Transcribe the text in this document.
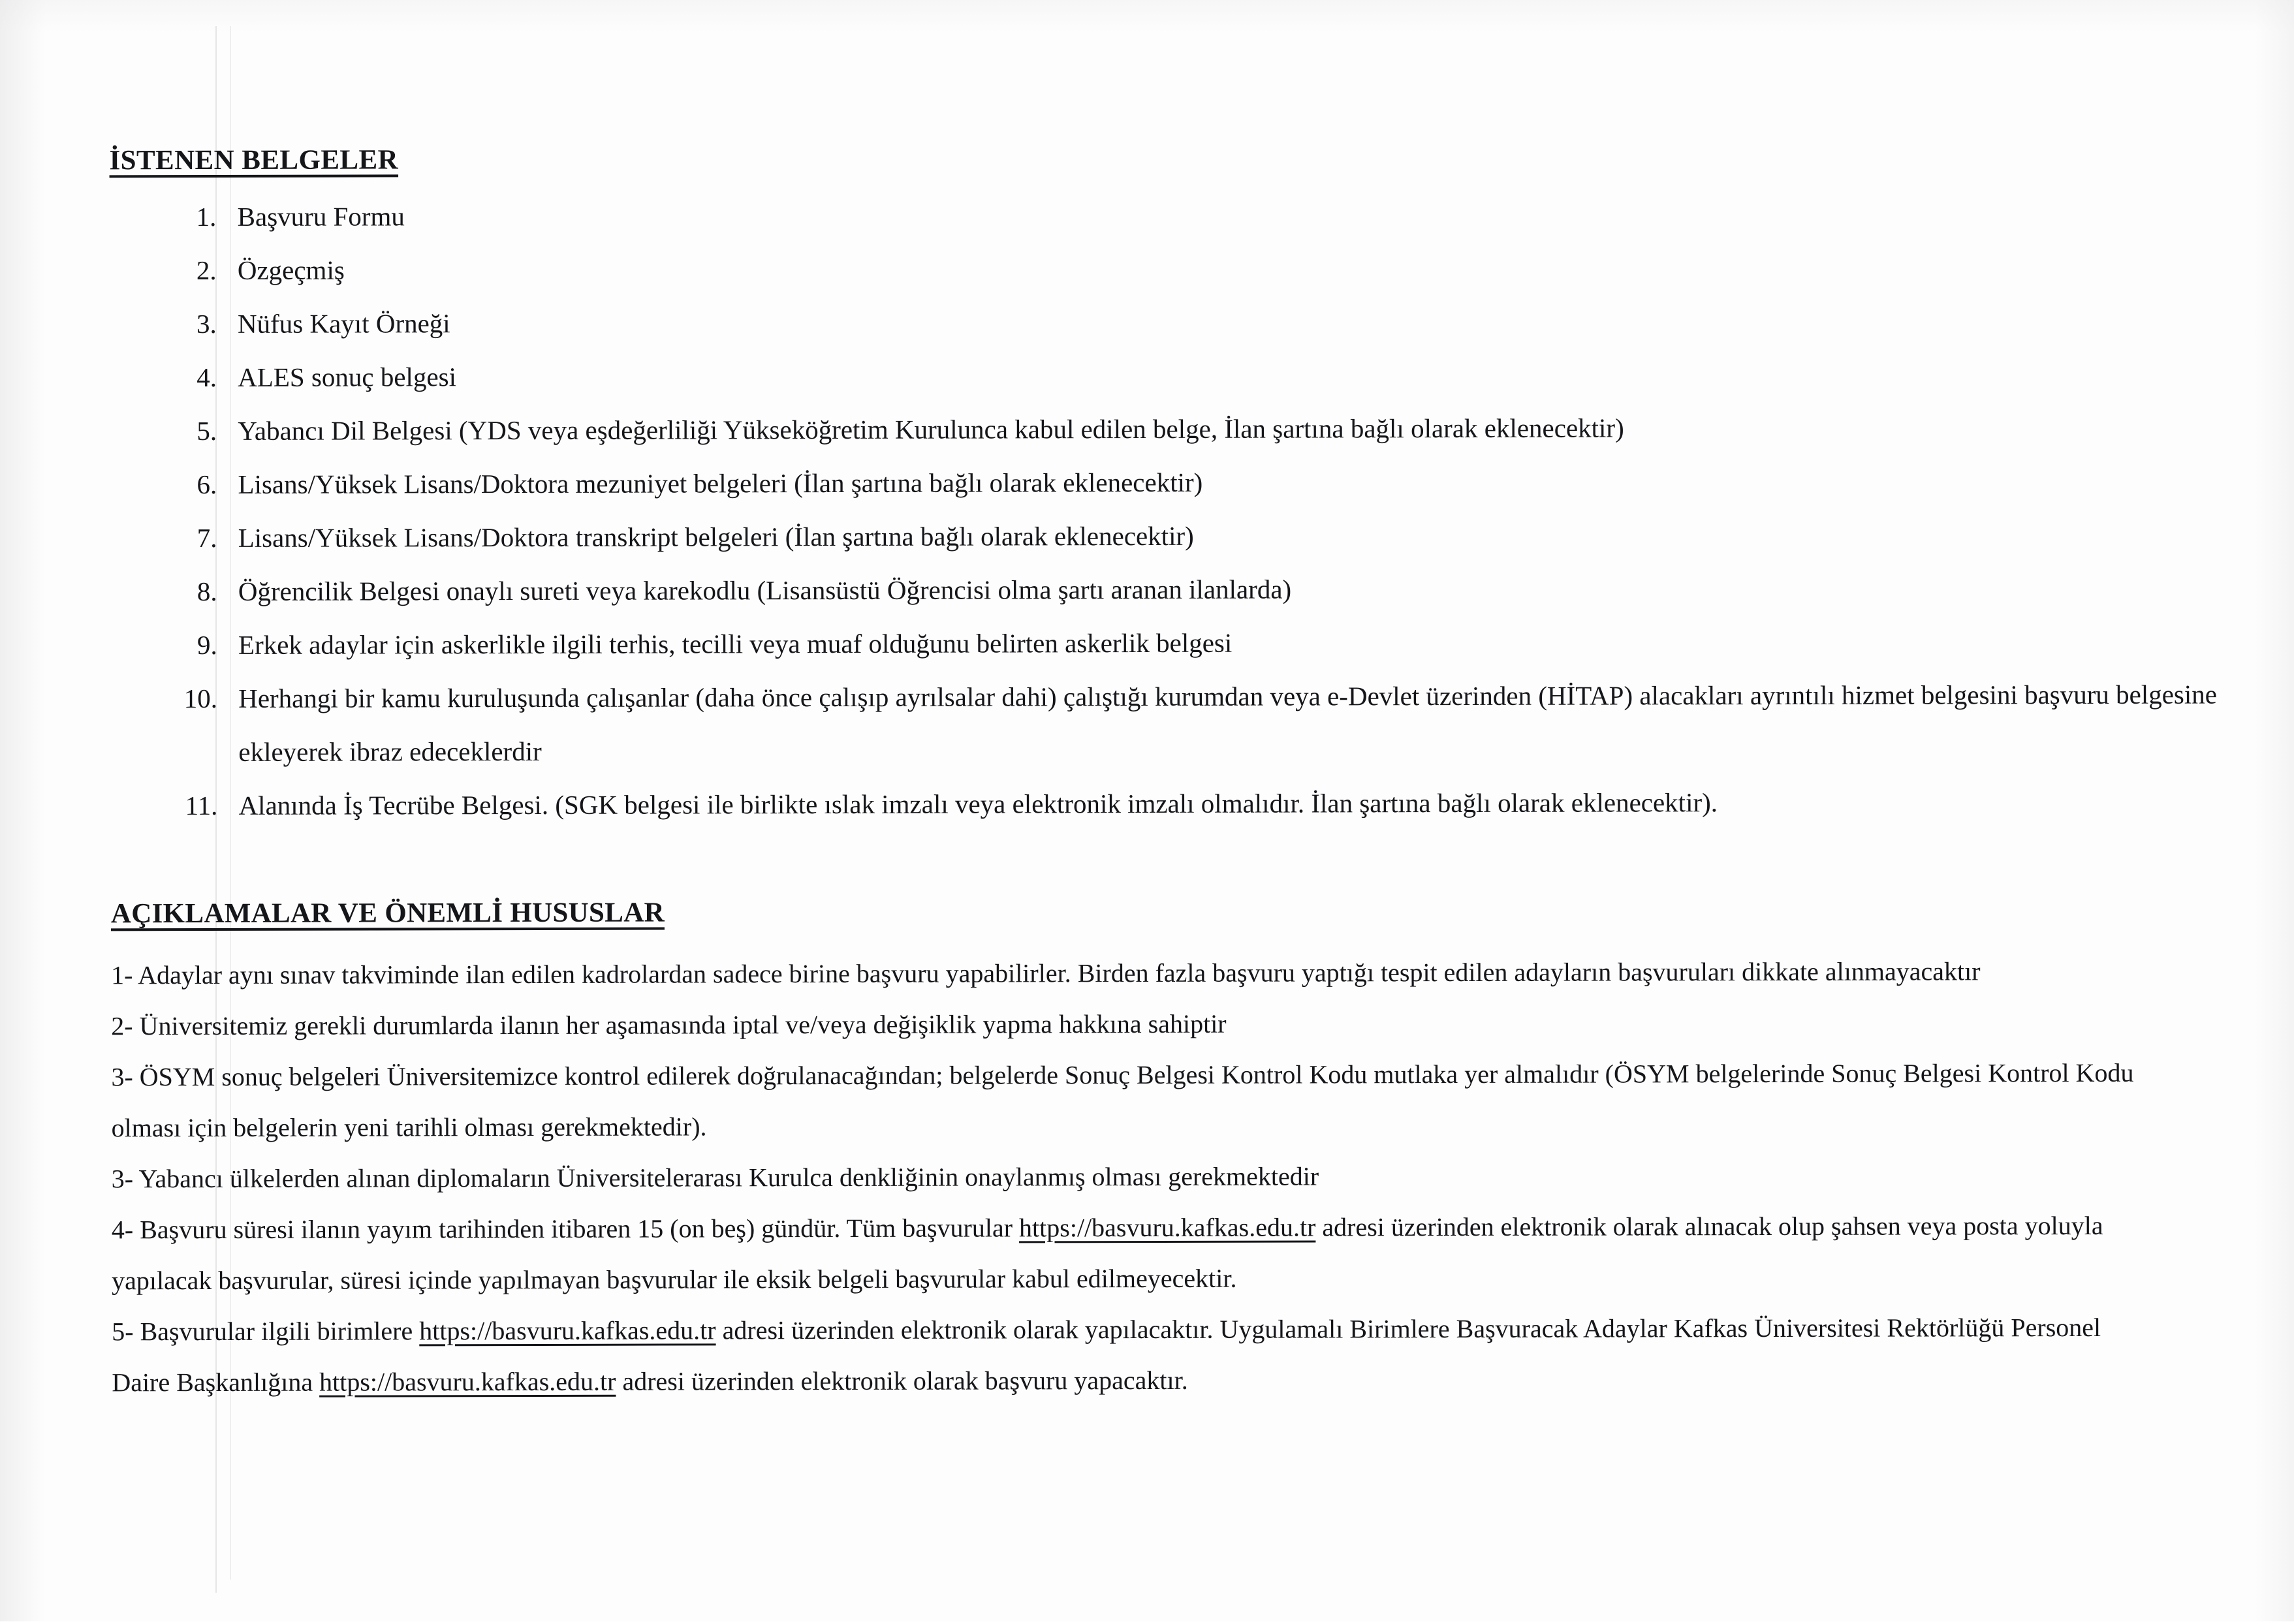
İSTENEN BELGELER
1. Başvuru Formu
2. Özgeçmiş
3. Nüfus Kayıt Örneği
4. ALES sonuç belgesi
5. Yabancı Dil Belgesi (YDS veya eşdeğerliliği Yükseköğretim Kurulunca kabul edilen belge, İlan şartına bağlı olarak eklenecektir)
6. Lisans/Yüksek Lisans/Doktora mezuniyet belgeleri (İlan şartına bağlı olarak eklenecektir)
7. Lisans/Yüksek Lisans/Doktora transkript belgeleri (İlan şartına bağlı olarak eklenecektir)
8. Öğrencilik Belgesi onaylı sureti veya karekodlu (Lisansüstü Öğrencisi olma şartı aranan ilanlarda)
9. Erkek adaylar için askerlikle ilgili terhis, tecilli veya muaf olduğunu belirten askerlik belgesi
10. Herhangi bir kamu kuruluşunda çalışanlar (daha önce çalışıp ayrılsalar dahi) çalıştığı kurumdan veya e-Devlet üzerinden (HİTAP) alacakları ayrıntılı hizmet belgesini başvuru belgesine ekleyerek ibraz edeceklerdir
11. Alanında İş Tecrübe Belgesi. (SGK belgesi ile birlikte ıslak imzalı veya elektronik imzalı olmalıdır. İlan şartına bağlı olarak eklenecektir).
AÇIKLAMALAR VE ÖNEMLİ HUSUSLAR

1- Adaylar aynı sınav takviminde ilan edilen kadrolardan sadece birine başvuru yapabilirler. Birden fazla başvuru yaptığı tespit edilen adayların başvuruları dikkate alınmayacaktır

2- Üniversitemiz gerekli durumlarda ilanın her aşamasında iptal ve/veya değişiklik yapma hakkına sahiptir

3- ÖSYM sonuç belgeleri Üniversitemizce kontrol edilerek doğrulanacağından; belgelerde Sonuç Belgesi Kontrol Kodu mutlaka yer almalıdır (ÖSYM belgelerinde Sonuç Belgesi Kontrol Kodu olması için belgelerin yeni tarihli olması gerekmektedir).

3- Yabancı ülkelerden alınan diplomaların Üniversitelerarası Kurulca denkliğinin onaylanmış olması gerekmektedir

4- Başvuru süresi ilanın yayım tarihinden itibaren 15 (on beş) gündür. Tüm başvurular https://basvuru.kafkas.edu.tr adresi üzerinden elektronik olarak alınacak olup şahsen veya posta yoluyla yapılacak başvurular, süresi içinde yapılmayan başvurular ile eksik belgeli başvurular kabul edilmeyecektir.

5- Başvurular ilgili birimlere https://basvuru.kafkas.edu.tr adresi üzerinden elektronik olarak yapılacaktır. Uygulamalı Birimlere Başvuracak Adaylar Kafkas Üniversitesi Rektörlüğü Personel Daire Başkanlığına https://basvuru.kafkas.edu.tr adresi üzerinden elektronik olarak başvuru yapacaktır.
